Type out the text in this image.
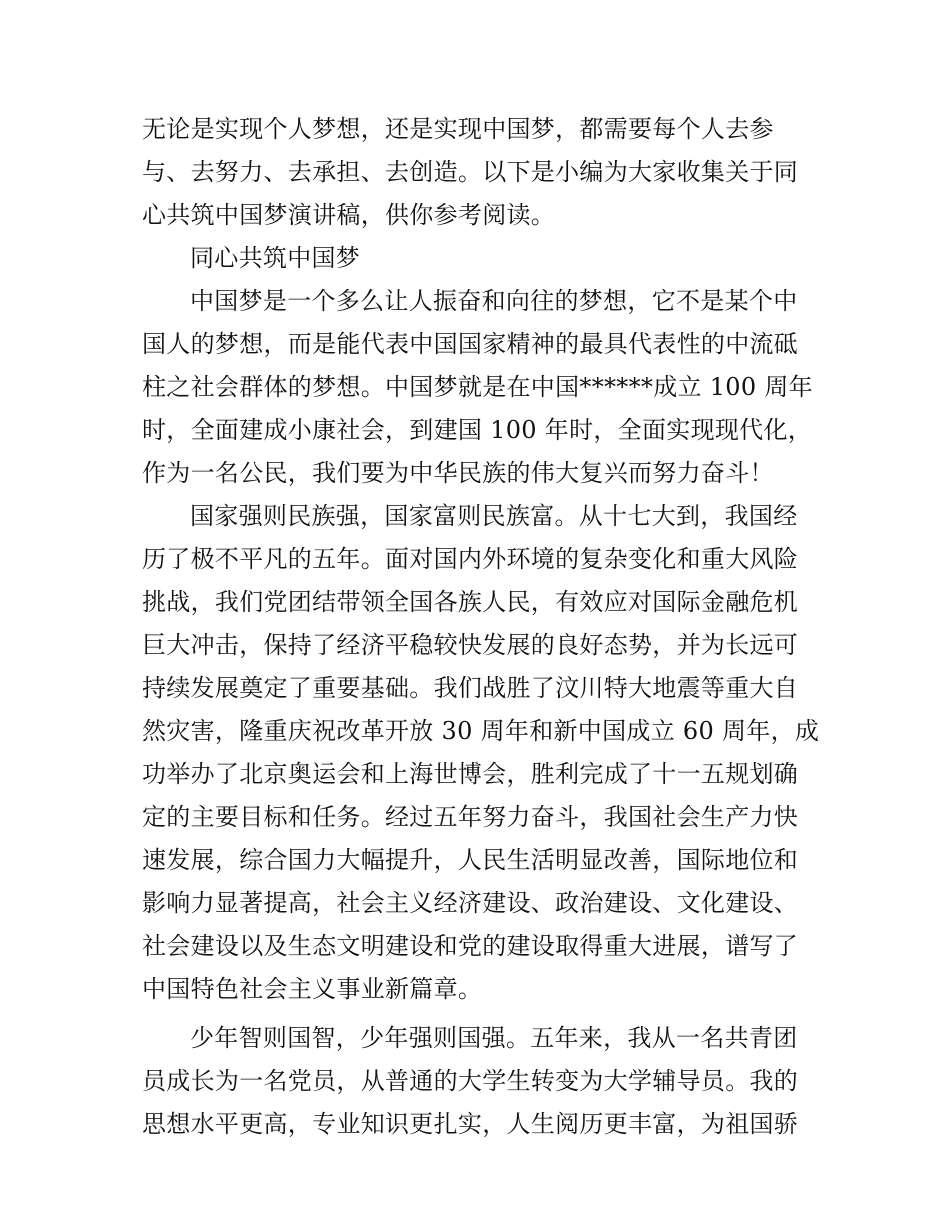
无论是实现个人梦想，还是实现中国梦，都需要每个人去参
与、去努力、去承担、去创造。以下是小编为大家收集关于同
心共筑中国梦演讲稿，供你参考阅读。
同心共筑中国梦
中国梦是一个多么让人振奋和向往的梦想，它不是某个中
国人的梦想，而是能代表中国国家精神的最具代表性的中流砥
柱之社会群体的梦想。中国梦就是在中国******成立 100 周年
时，全面建成小康社会，到建国 100 年时，全面实现现代化，
作为一名公民，我们要为中华民族的伟大复兴而努力奋斗！
国家强则民族强，国家富则民族富。从十七大到，我国经
历了极不平凡的五年。面对国内外环境的复杂变化和重大风险
挑战，我们党团结带领全国各族人民，有效应对国际金融危机
巨大冲击，保持了经济平稳较快发展的良好态势，并为长远可
持续发展奠定了重要基础。我们战胜了汶川特大地震等重大自
然灾害，隆重庆祝改革开放 30 周年和新中国成立 60 周年，成
功举办了北京奥运会和上海世博会，胜利完成了十一五规划确
定的主要目标和任务。经过五年努力奋斗，我国社会生产力快
速发展，综合国力大幅提升，人民生活明显改善，国际地位和
影响力显著提高，社会主义经济建设、政治建设、文化建设、
社会建设以及生态文明建设和党的建设取得重大进展，谱写了
中国特色社会主义事业新篇章。
少年智则国智，少年强则国强。五年来，我从一名共青团
员成长为一名党员，从普通的大学生转变为大学辅导员。我的
思想水平更高，专业知识更扎实，人生阅历更丰富，为祖国骄
